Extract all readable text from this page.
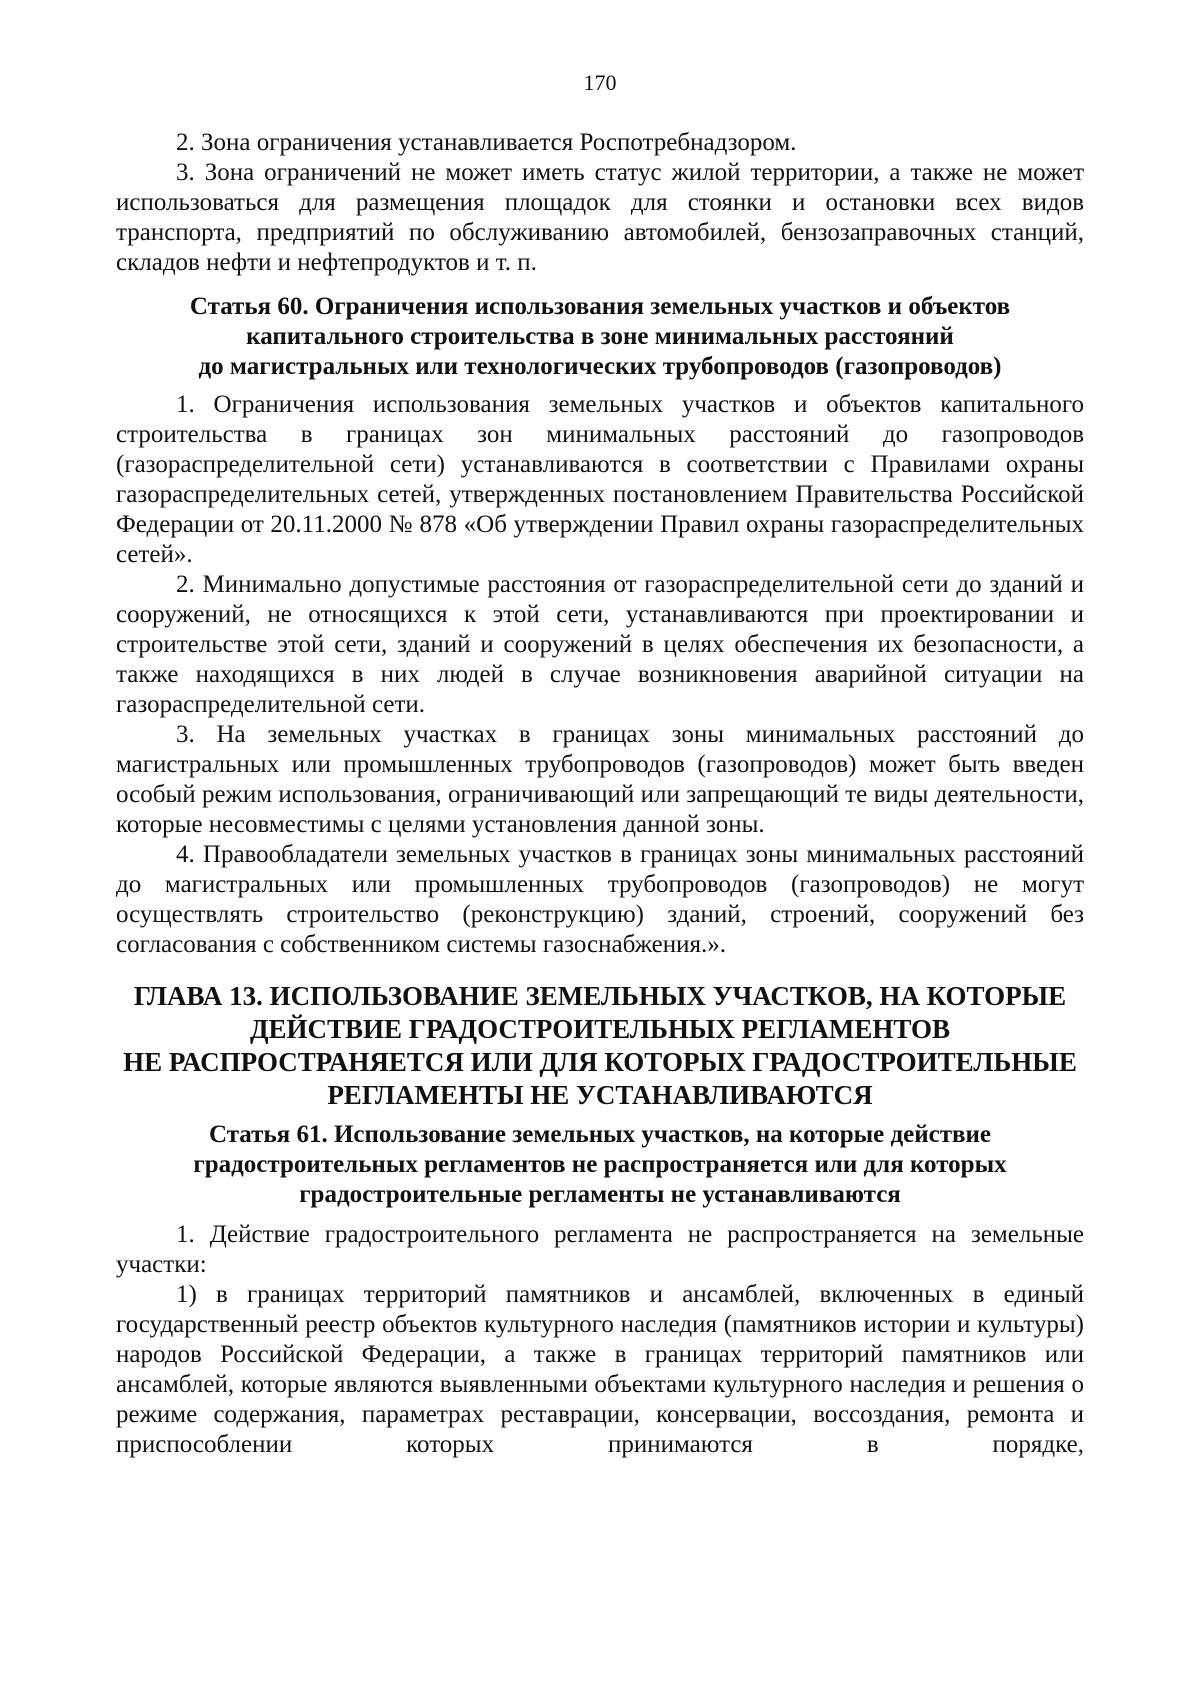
170

2. Зона ограничения устанавливается Роспотребнадзором.

3. Зона ограничений не может иметь статус жилой территории, а также не может использоваться для размещения площадок для стоянки и остановки всех видов транспорта, предприятий по обслуживанию автомобилей, бензозаправочных станций, складов нефти и нефтепродуктов и т. п.

Статья 60. Ограничения использования земельных участков и объектов
капитального строительства в зоне минимальных расстояний
до магистральных или технологических трубопроводов (газопроводов)

1. Ограничения использования земельных участков и объектов капитального строительства в границах зон минимальных расстояний до газопроводов (газораспределительной сети) устанавливаются в соответствии с Правилами охраны газораспределительных сетей, утвержденных постановлением Правительства Российской Федерации от 20.11.2000 № 878 «Об утверждении Правил охраны газораспределительных сетей».

2. Минимально допустимые расстояния от газораспределительной сети до зданий и сооружений, не относящихся к этой сети, устанавливаются при проектировании и строительстве этой сети, зданий и сооружений в целях обеспечения их безопасности, а также находящихся в них людей в случае возникновения аварийной ситуации на газораспределительной сети.

3. На земельных участках в границах зоны минимальных расстояний до магистральных или промышленных трубопроводов (газопроводов) может быть введен особый режим использования, ограничивающий или запрещающий те виды деятельности, которые несовместимы с целями установления данной зоны.

4. Правообладатели земельных участков в границах зоны минимальных расстояний до магистральных или промышленных трубопроводов (газопроводов) не могут осуществлять строительство (реконструкцию) зданий, строений, сооружений без согласования с собственником системы газоснабжения.».

ГЛАВА 13. ИСПОЛЬЗОВАНИЕ ЗЕМЕЛЬНЫХ УЧАСТКОВ, НА КОТОРЫЕ
ДЕЙСТВИЕ ГРАДОСТРОИТЕЛЬНЫХ РЕГЛАМЕНТОВ
НЕ РАСПРОСТРАНЯЕТСЯ ИЛИ ДЛЯ КОТОРЫХ ГРАДОСТРОИТЕЛЬНЫЕ
РЕГЛАМЕНТЫ НЕ УСТАНАВЛИВАЮТСЯ
Статья 61. Использование земельных участков, на которые действие
градостроительных регламентов не распространяется или для которых
градостроительные регламенты не устанавливаются

1. Действие градостроительного регламента не распространяется на земельные участки:

1) в границах территорий памятников и ансамблей, включенных в единый государственный реестр объектов культурного наследия (памятников истории и культуры) народов Российской Федерации, а также в границах территорий памятников или ансамблей, которые являются выявленными объектами культурного наследия и решения о режиме содержания, параметрах реставрации, консервации, воссоздания, ремонта и приспособлении которых принимаются в порядке,
